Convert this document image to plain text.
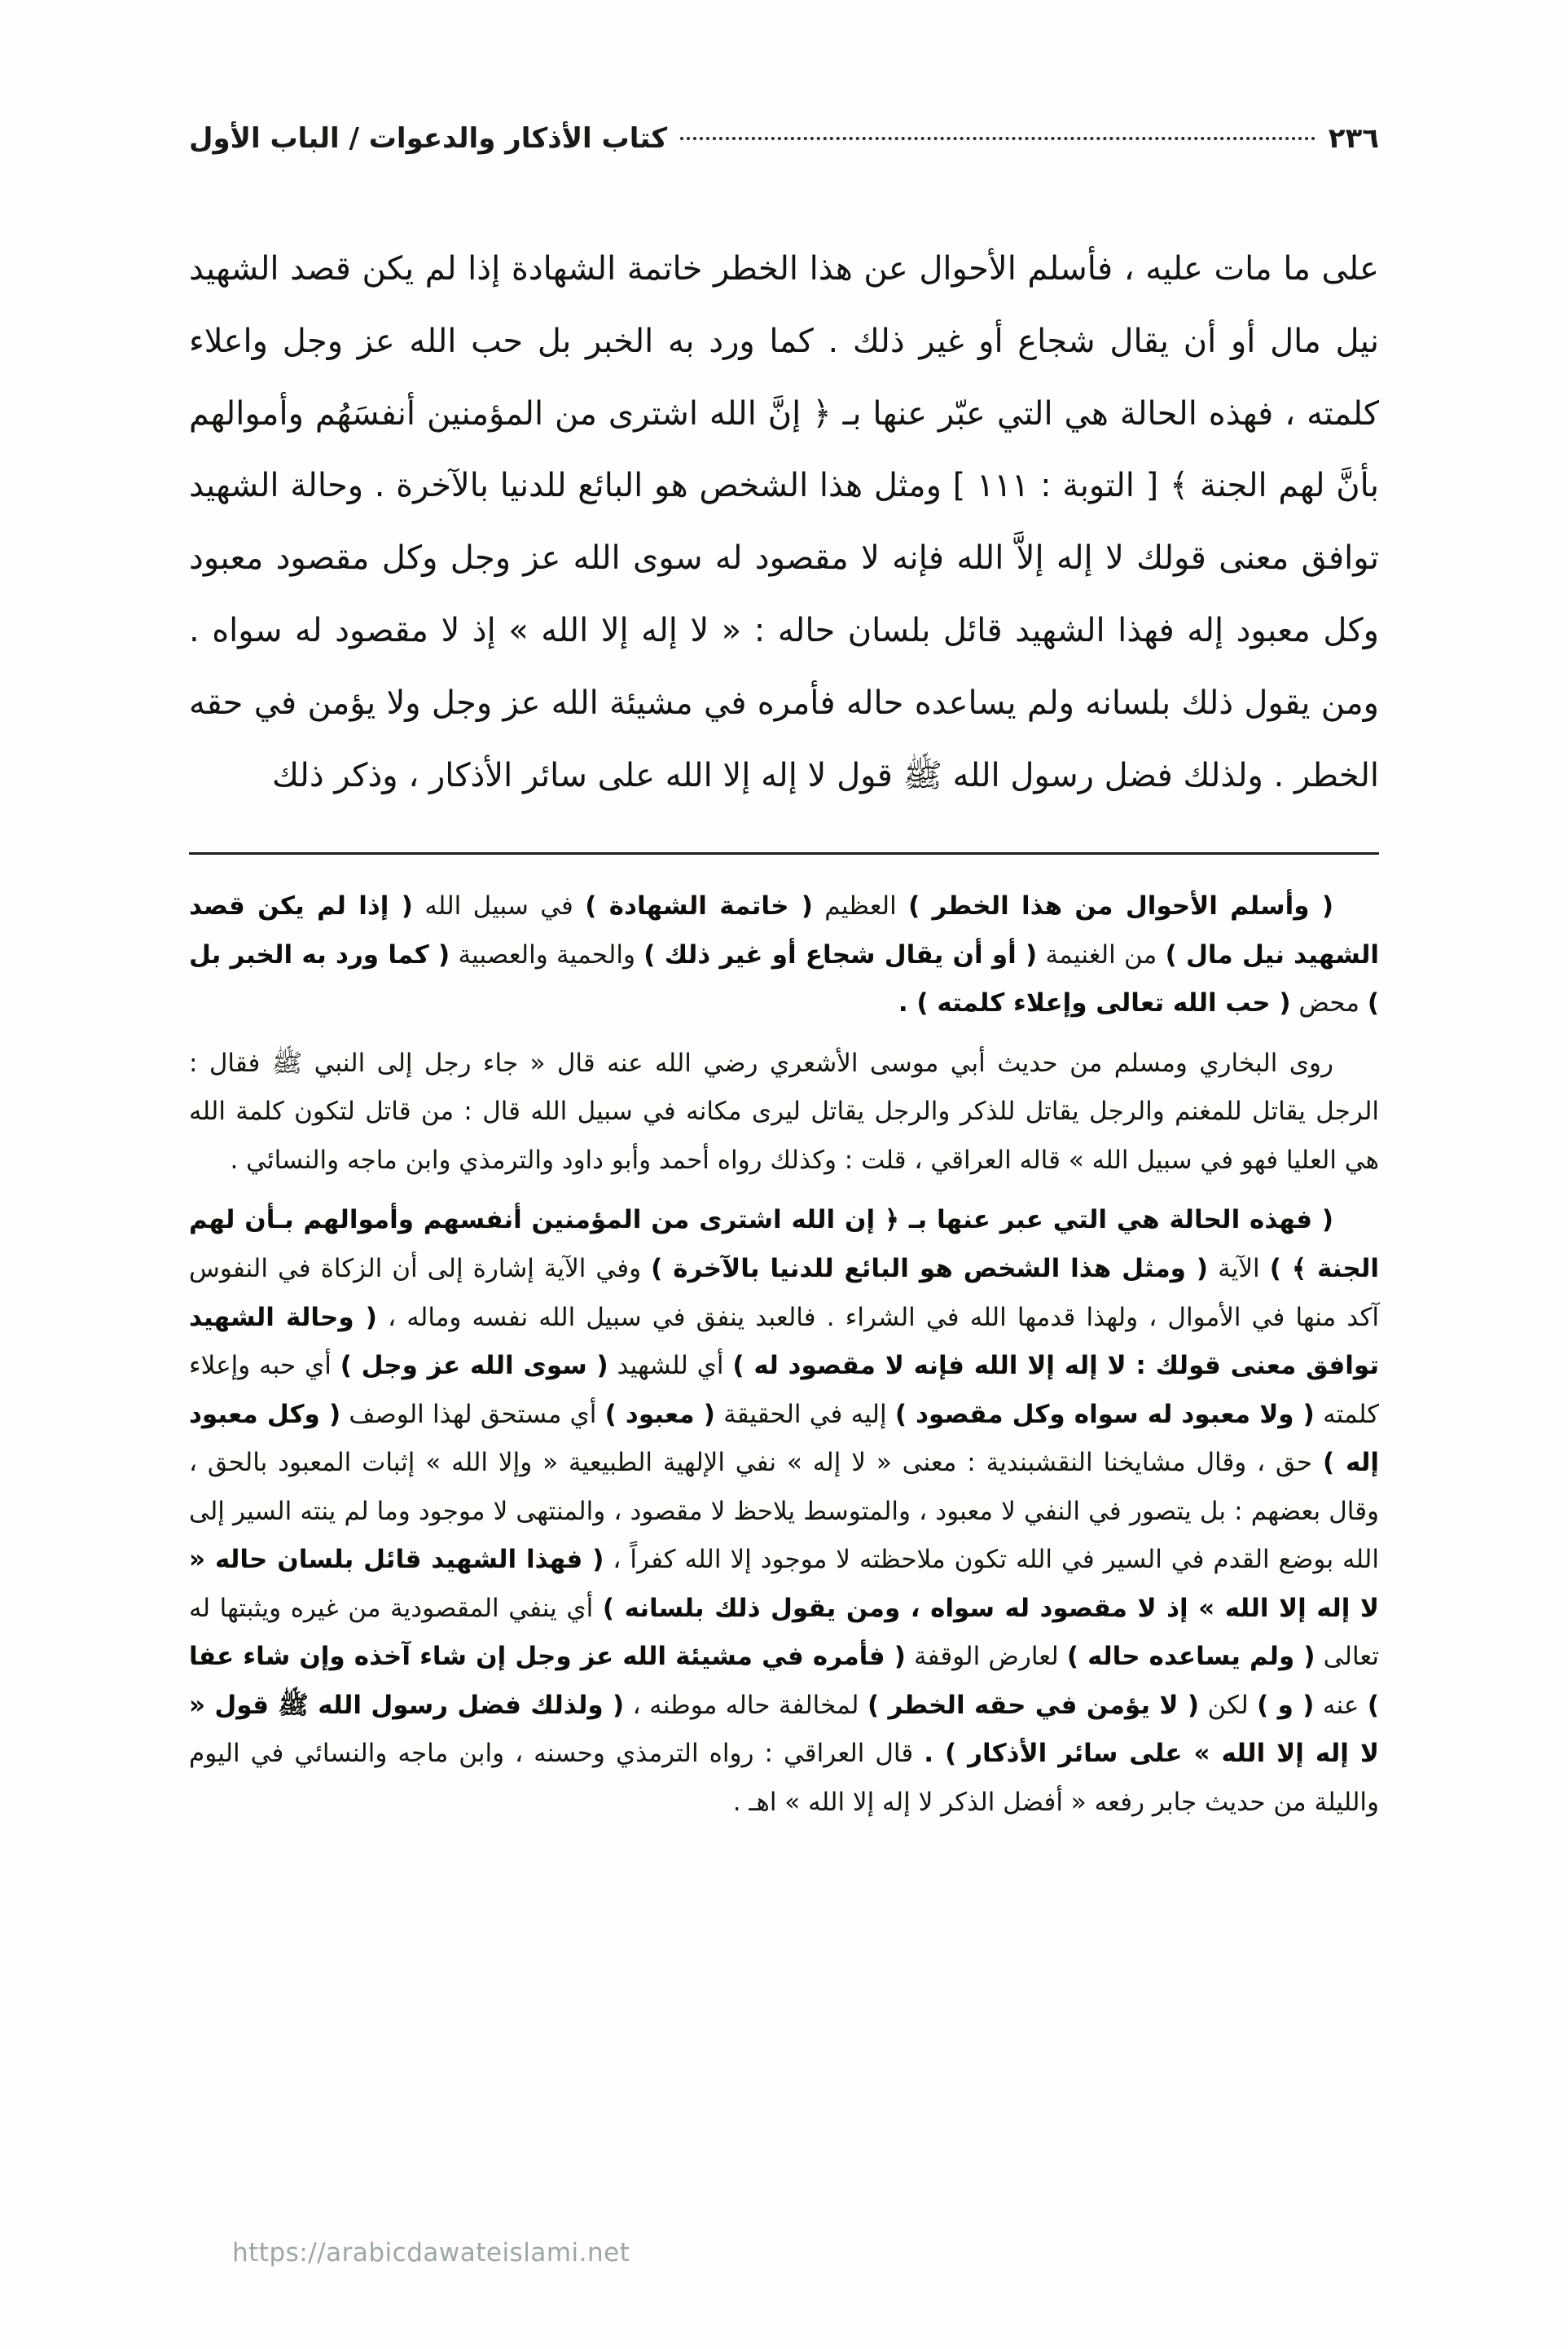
٢٣٦
كتاب الأذكار والدعوات / الباب الأول

على ما مات عليه ، فأسلم الأحوال عن هذا الخطر خاتمة الشهادة إذا لم يكن قصد الشهيد نيل مال أو أن يقال شجاع أو غير ذلك . كما ورد به الخبر بل حب الله عز وجل واعلاء كلمته ، فهذه الحالة هي التي عبّر عنها بـ ﴿ إنَّ الله اشترى من المؤمنين أنفسَهُم وأموالهم بأنَّ لهم الجنة ﴾ [ التوبة : ١١١ ] ومثل هذا الشخص هو البائع للدنيا بالآخرة . وحالة الشهيد توافق معنى قولك لا إله إلاَّ الله فإنه لا مقصود له سوى الله عز وجل وكل مقصود معبود وكل معبود إله فهذا الشهيد قائل بلسان حاله : « لا إله إلا الله » إذ لا مقصود له سواه . ومن يقول ذلك بلسانه ولم يساعده حاله فأمره في مشيئة الله عز وجل ولا يؤمن في حقه الخطر . ولذلك فضل رسول الله ﷺ قول لا إله إلا الله على سائر الأذكار ، وذكر ذلك

( وأسلم الأحوال من هذا الخطر ) العظيم ( خاتمة الشهادة ) في سبيل الله ( إذا لم يكن قصد الشهيد نيل مال ) من الغنيمة ( أو أن يقال شجاع أو غير ذلك ) والحمية والعصبية ( كما ورد به الخبر بل ) محض ( حب الله تعالى وإعلاء كلمته ) .

روى البخاري ومسلم من حديث أبي موسى الأشعري رضي الله عنه قال « جاء رجل إلى النبي ﷺ فقال : الرجل يقاتل للمغنم والرجل يقاتل للذكر والرجل يقاتل ليرى مكانه في سبيل الله قال : من قاتل لتكون كلمة الله هي العليا فهو في سبيل الله » قاله العراقي ، قلت : وكذلك رواه أحمد وأبو داود والترمذي وابن ماجه والنسائي .

( فهذه الحالة هي التي عبر عنها بـ ﴿ إن الله اشترى من المؤمنين أنفسهم وأموالهم بـأن لهم الجنة ﴾ ) الآية ( ومثل هذا الشخص هو البائع للدنيا بالآخرة ) وفي الآية إشارة إلى أن الزكاة في النفوس آكد منها في الأموال ، ولهذا قدمها الله في الشراء . فالعبد ينفق في سبيل الله نفسه وماله ، ( وحالة الشهيد توافق معنى قولك : لا إله إلا الله فإنه لا مقصود له ) أي للشهيد ( سوى الله عز وجل ) أي حبه وإعلاء كلمته ( ولا معبود له سواه وكل مقصود ) إليه في الحقيقة ( معبود ) أي مستحق لهذا الوصف ( وكل معبود إله ) حق ، وقال مشايخنا النقشبندية : معنى « لا إله » نفي الإلهية الطبيعية « وإلا الله » إثبات المعبود بالحق ، وقال بعضهم : بل يتصور في النفي لا معبود ، والمتوسط يلاحظ لا مقصود ، والمنتهى لا موجود وما لم ينته السير إلى الله بوضع القدم في السير في الله تكون ملاحظته لا موجود إلا الله كفراً ، ( فهذا الشهيد قائل بلسان حاله « لا إله إلا الله » إذ لا مقصود له سواه ، ومن يقول ذلك بلسانه ) أي ينفي المقصودية من غيره ويثبتها له تعالى ( ولم يساعده حاله ) لعارض الوقفة ( فأمره في مشيئة الله عز وجل إن شاء آخذه وإن شاء عفا ) عنه ( و ) لكن ( لا يؤمن في حقه الخطر ) لمخالفة حاله موطنه ، ( ولذلك فضل رسول الله ﷺ قول « لا إله إلا الله » على سائر الأذكار ) . قال العراقي : رواه الترمذي وحسنه ، وابن ماجه والنسائي في اليوم والليلة من حديث جابر رفعه « أفضل الذكر لا إله إلا الله » اهـ .

https://arabicdawateislami.net
